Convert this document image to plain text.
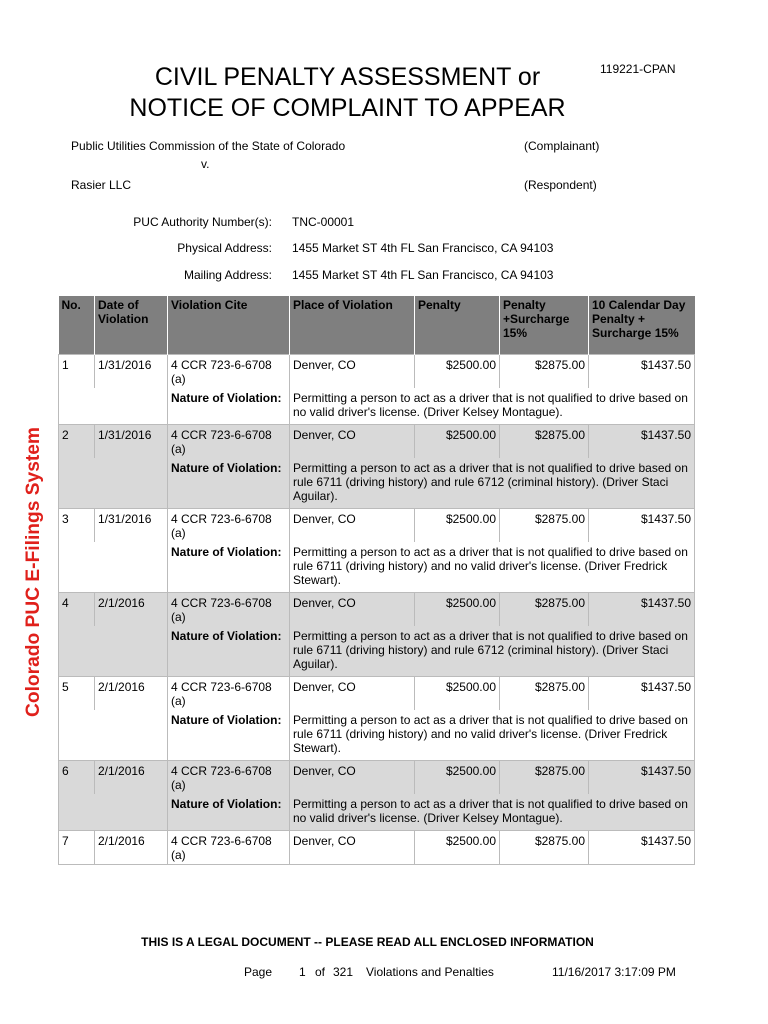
119221-CPAN
CIVIL PENALTY ASSESSMENT or
NOTICE OF COMPLAINT TO APPEAR
Public Utilities Commission of the State of Colorado	(Complainant)
v.
Rasier LLC	(Respondent)
Colorado PUC E-Filings System
PUC Authority Number(s): TNC-00001
Physical Address: 1455 Market ST 4th FL San Francisco, CA 94103
Mailing Address: 1455 Market ST 4th FL San Francisco, CA 94103
No.	Date of Violation	Violation Cite	Place of Violation	Penalty	Penalty +Surcharge 15%	10 Calendar Day Penalty + Surcharge 15%
1	1/31/2016	4 CCR 723-6-6708 (a)	Denver, CO	$2500.00	$2875.00	$1437.50
		Nature of Violation:	Permitting a person to act as a driver that is not qualified to drive based on no valid driver's license. (Driver Kelsey Montague).			
2	1/31/2016	4 CCR 723-6-6708 (a)	Denver, CO	$2500.00	$2875.00	$1437.50
		Nature of Violation:	Permitting a person to act as a driver that is not qualified to drive based on rule 6711 (driving history) and rule 6712 (criminal history). (Driver Staci Aguilar).			
3	1/31/2016	4 CCR 723-6-6708 (a)	Denver, CO	$2500.00	$2875.00	$1437.50
		Nature of Violation:	Permitting a person to act as a driver that is not qualified to drive based on rule 6711 (driving history) and no valid driver's license. (Driver Fredrick Stewart).			
4	2/1/2016	4 CCR 723-6-6708 (a)	Denver, CO	$2500.00	$2875.00	$1437.50
		Nature of Violation:	Permitting a person to act as a driver that is not qualified to drive based on rule 6711 (driving history) and rule 6712 (criminal history). (Driver Staci Aguilar).			
5	2/1/2016	4 CCR 723-6-6708 (a)	Denver, CO	$2500.00	$2875.00	$1437.50
		Nature of Violation:	Permitting a person to act as a driver that is not qualified to drive based on rule 6711 (driving history) and no valid driver's license. (Driver Fredrick Stewart).			
6	2/1/2016	4 CCR 723-6-6708 (a)	Denver, CO	$2500.00	$2875.00	$1437.50
		Nature of Violation:	Permitting a person to act as a driver that is not qualified to drive based on no valid driver's license. (Driver Kelsey Montague).			
7	2/1/2016	4 CCR 723-6-6708 (a)	Denver, CO	$2500.00	$2875.00	$1437.50
THIS IS A LEGAL DOCUMENT -- PLEASE READ ALL ENCLOSED INFORMATION
Page 1 of 321 Violations and Penalties	11/16/2017 3:17:09 PM
